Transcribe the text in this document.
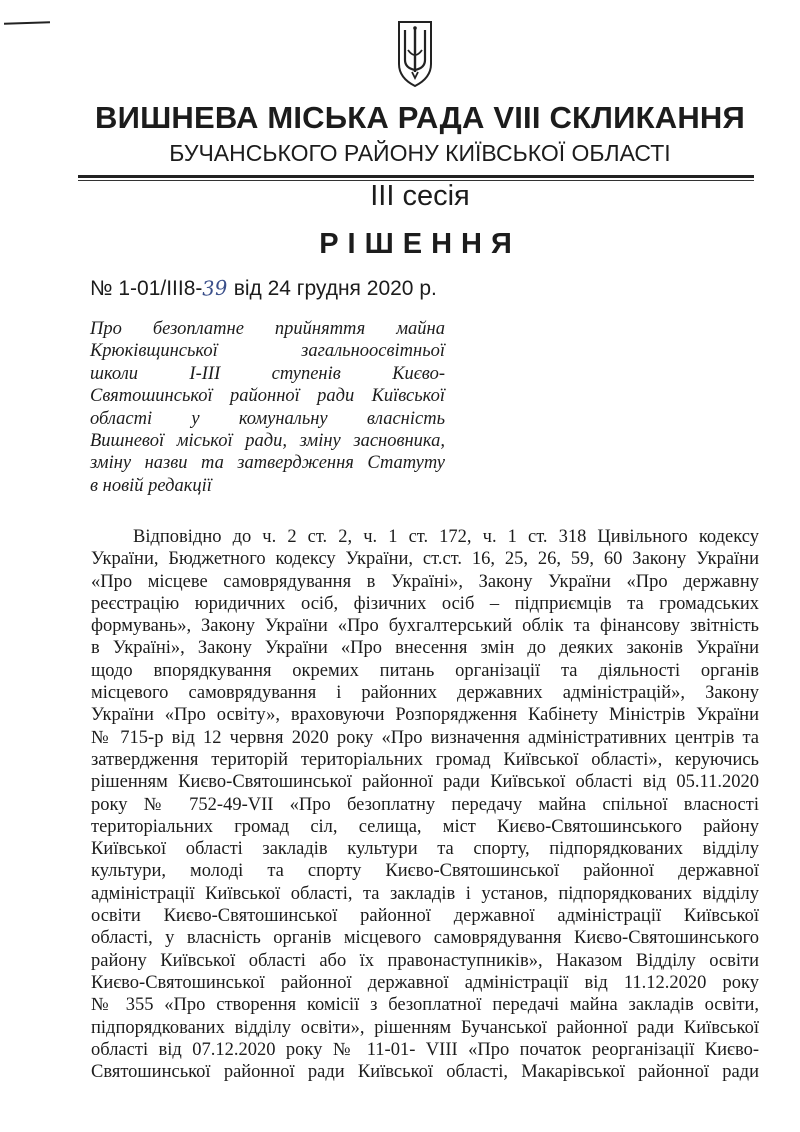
ВИШНЕВА МІСЬКА РАДА VIII СКЛИКАННЯ
БУЧАНСЬКОГО РАЙОНУ КИЇВСЬКОЇ ОБЛАСТІ
ІІІ сесія
РІШЕННЯ
№ 1-01/III8-39 від 24 грудня 2020 р.
Про безоплатне прийняття майна
Крюківщинської загальноосвітньої
школи І-ІІІ ступенів Києво-
Святошинської районної ради Київської
області у комунальну власність
Вишневої міської ради, зміну засновника,
зміну назви та затвердження Статуту
в новій редакції
Відповідно до ч. 2 ст. 2, ч. 1 ст. 172, ч. 1 ст. 318 Цивільного кодексу
України, Бюджетного кодексу України, ст.ст. 16, 25, 26, 59, 60 Закону України
«Про місцеве самоврядування в Україні», Закону України «Про державну
реєстрацію юридичних осіб, фізичних осіб – підприємців та громадських
формувань», Закону України «Про бухгалтерський облік та фінансову звітність
в Україні», Закону України «Про внесення змін до деяких законів України
щодо впорядкування окремих питань організації та діяльності органів
місцевого самоврядування і районних державних адміністрацій», Закону
України «Про освіту», враховуючи Розпорядження Кабінету Міністрів України
№ 715-р від 12 червня 2020 року «Про визначення адміністративних центрів та
затвердження територій територіальних громад Київської області», керуючись
рішенням Києво-Святошинської районної ради Київської області від 05.11.2020
року № 752-49-VII «Про безоплатну передачу майна спільної власності
територіальних громад сіл, селища, міст Києво-Святошинського району
Київської області закладів культури та спорту, підпорядкованих відділу
культури, молоді та спорту Києво-Святошинської районної державної
адміністрації Київської області, та закладів і установ, підпорядкованих відділу
освіти Києво-Святошинської районної державної адміністрації Київської
області, у власність органів місцевого самоврядування Києво-Святошинського
району Київської області або їх правонаступників», Наказом Відділу освіти
Києво-Святошинської районної державної адміністрації від 11.12.2020 року
№ 355 «Про створення комісії з безоплатної передачі майна закладів освіти,
підпорядкованих відділу освіти», рішенням Бучанської районної ради Київської
області від 07.12.2020 року № 11-01- VIII «Про початок реорганізації Києво-
Святошинської районної ради Київської області, Макарівської районної ради
